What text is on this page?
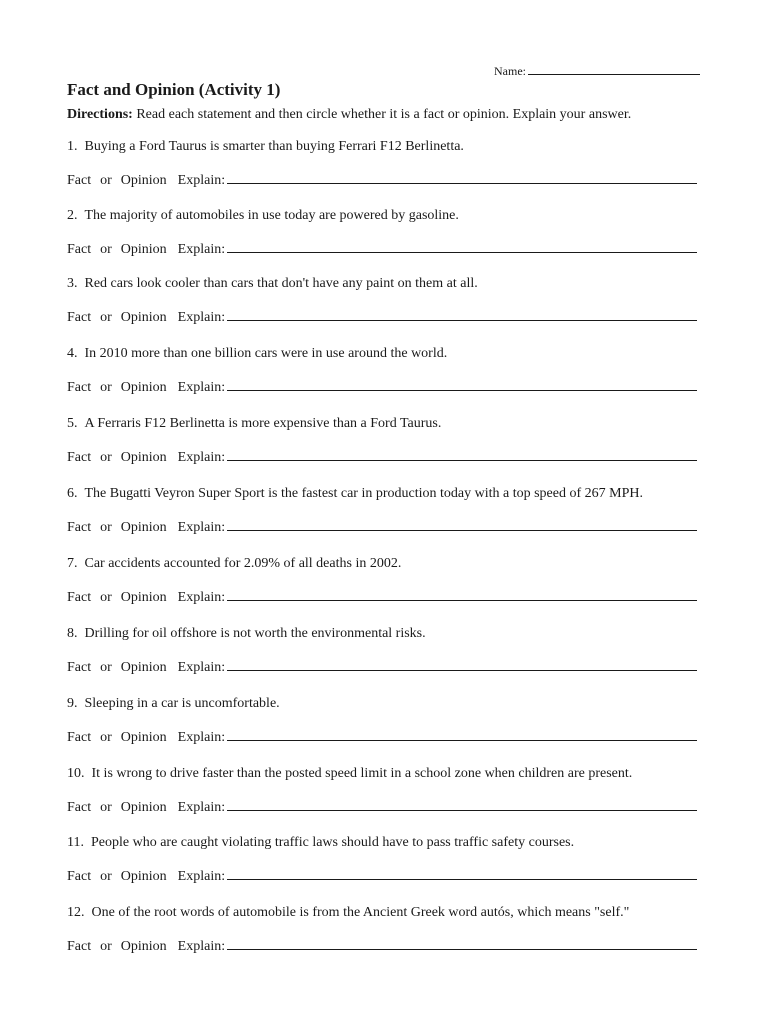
Name:
Fact and Opinion (Activity 1)
Directions: Read each statement and then circle whether it is a fact or opinion. Explain your answer.
1. Buying a Ford Taurus is smarter than buying Ferrari F12 Berlinetta.
Fact or Opinion Explain:
2. The majority of automobiles in use today are powered by gasoline.
Fact or Opinion Explain:
3. Red cars look cooler than cars that don't have any paint on them at all.
Fact or Opinion Explain:
4. In 2010 more than one billion cars were in use around the world.
Fact or Opinion Explain:
5. A Ferraris F12 Berlinetta is more expensive than a Ford Taurus.
Fact or Opinion Explain:
6. The Bugatti Veyron Super Sport is the fastest car in production today with a top speed of 267 MPH.
Fact or Opinion Explain:
7. Car accidents accounted for 2.09% of all deaths in 2002.
Fact or Opinion Explain:
8. Drilling for oil offshore is not worth the environmental risks.
Fact or Opinion Explain:
9. Sleeping in a car is uncomfortable.
Fact or Opinion Explain:
10. It is wrong to drive faster than the posted speed limit in a school zone when children are present.
Fact or Opinion Explain:
11. People who are caught violating traffic laws should have to pass traffic safety courses.
Fact or Opinion Explain:
12. One of the root words of automobile is from the Ancient Greek word autós, which means "self."
Fact or Opinion Explain:
